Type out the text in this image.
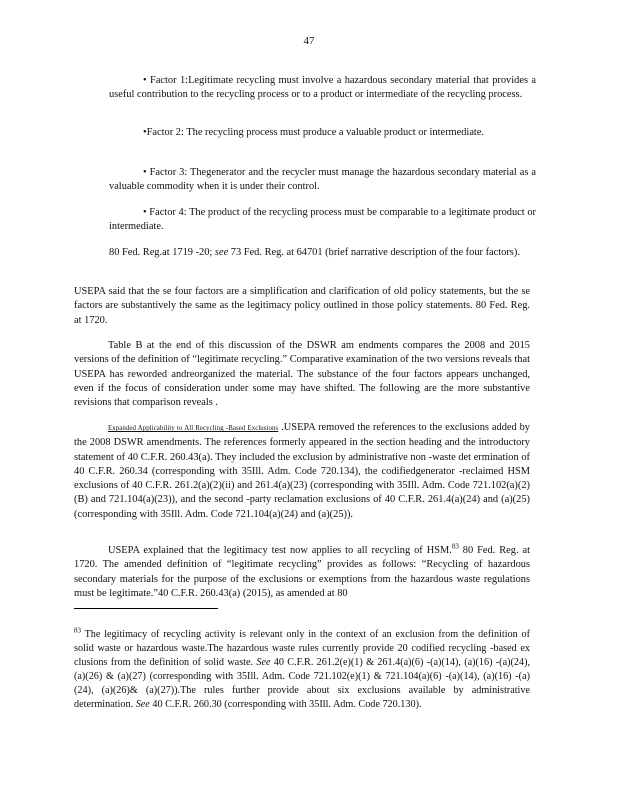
47

• Factor 1:Legitimate recycling must involve a hazardous secondary material that provides a useful contribution to the recycling process or to a product or intermediate of the recycling process.

•Factor 2: The recycling process must produce a valuable product or intermediate.

• Factor 3: Thegenerator and the recycler must manage the hazardous secondary material as a valuable commodity when it is under their control.

• Factor 4: The product of the recycling process must be comparable to a legitimate product or intermediate.

80 Fed. Reg.at 1719 -20; see 73 Fed. Reg. at 64701 (brief narrative description of the four factors).

USEPA said that the se four factors are a simplification and clarification of old policy statements, but the se factors are substantively the same as the legitimacy policy outlined in those policy statements. 80 Fed. Reg. at 1720.

Table B at the end of this discussion of the DSWR am endments compares the 2008 and 2015 versions of the definition of “legitimate recycling.” Comparative examination of the two versions reveals that USEPA has reworded andreorganized the material. The substance of the four factors appears unchanged, even if the focus of consideration under some may have shifted. The following are the more substantive revisions that comparison reveals .

Expanded Applicability to All Recycling -Based Exclusions .USEPA removed the references to the exclusions added by the 2008 DSWR amendments. The references formerly appeared in the section heading and the introductory statement of 40 C.F.R. 260.43(a). They included the exclusion by administrative non -waste det ermination of 40 C.F.R. 260.34 (corresponding with 35Ill. Adm. Code 720.134), the codifiedgenerator -reclaimed HSM exclusions of 40 C.F.R. 261.2(a)(2)(ii) and 261.4(a)(23) (corresponding with 35Ill. Adm. Code 721.102(a)(2)(B) and 721.104(a)(23)), and the second -party reclamation exclusions of 40 C.F.R. 261.4(a)(24) and (a)(25) (corresponding with 35Ill. Adm. Code 721.104(a)(24) and (a)(25)).

USEPA explained that the legitimacy test now applies to all recycling of HSM.$^{83}$ 80 Fed. Reg. at 1720. The amended definition of “legitimate recycling” provides as follows: “Recycling of hazardous secondary materials for the purpose of the exclusions or exemptions from the hazardous waste regulations must be legitimate.”40 C.F.R. 260.43(a) (2015), as amended at 80

$^{83}$ The legitimacy of recycling activity is relevant only in the context of an exclusion from the definition of solid waste or hazardous waste.The hazardous waste rules currently provide 20 codified recycling -based ex clusions from the definition of solid waste. See 40 C.F.R. 261.2(e)(1) & 261.4(a)(6) -(a)(14), (a)(16) -(a)(24), (a)(26) & (a)(27) (corresponding with 35Ill. Adm. Code 721.102(e)(1) & 721.104(a)(6) -(a)(14), (a)(16) -(a)(24), (a)(26)& (a)(27)).The rules further provide about six exclusions available by administrative determination. See 40 C.F.R. 260.30 (corresponding with 35Ill. Adm. Code 720.130).
